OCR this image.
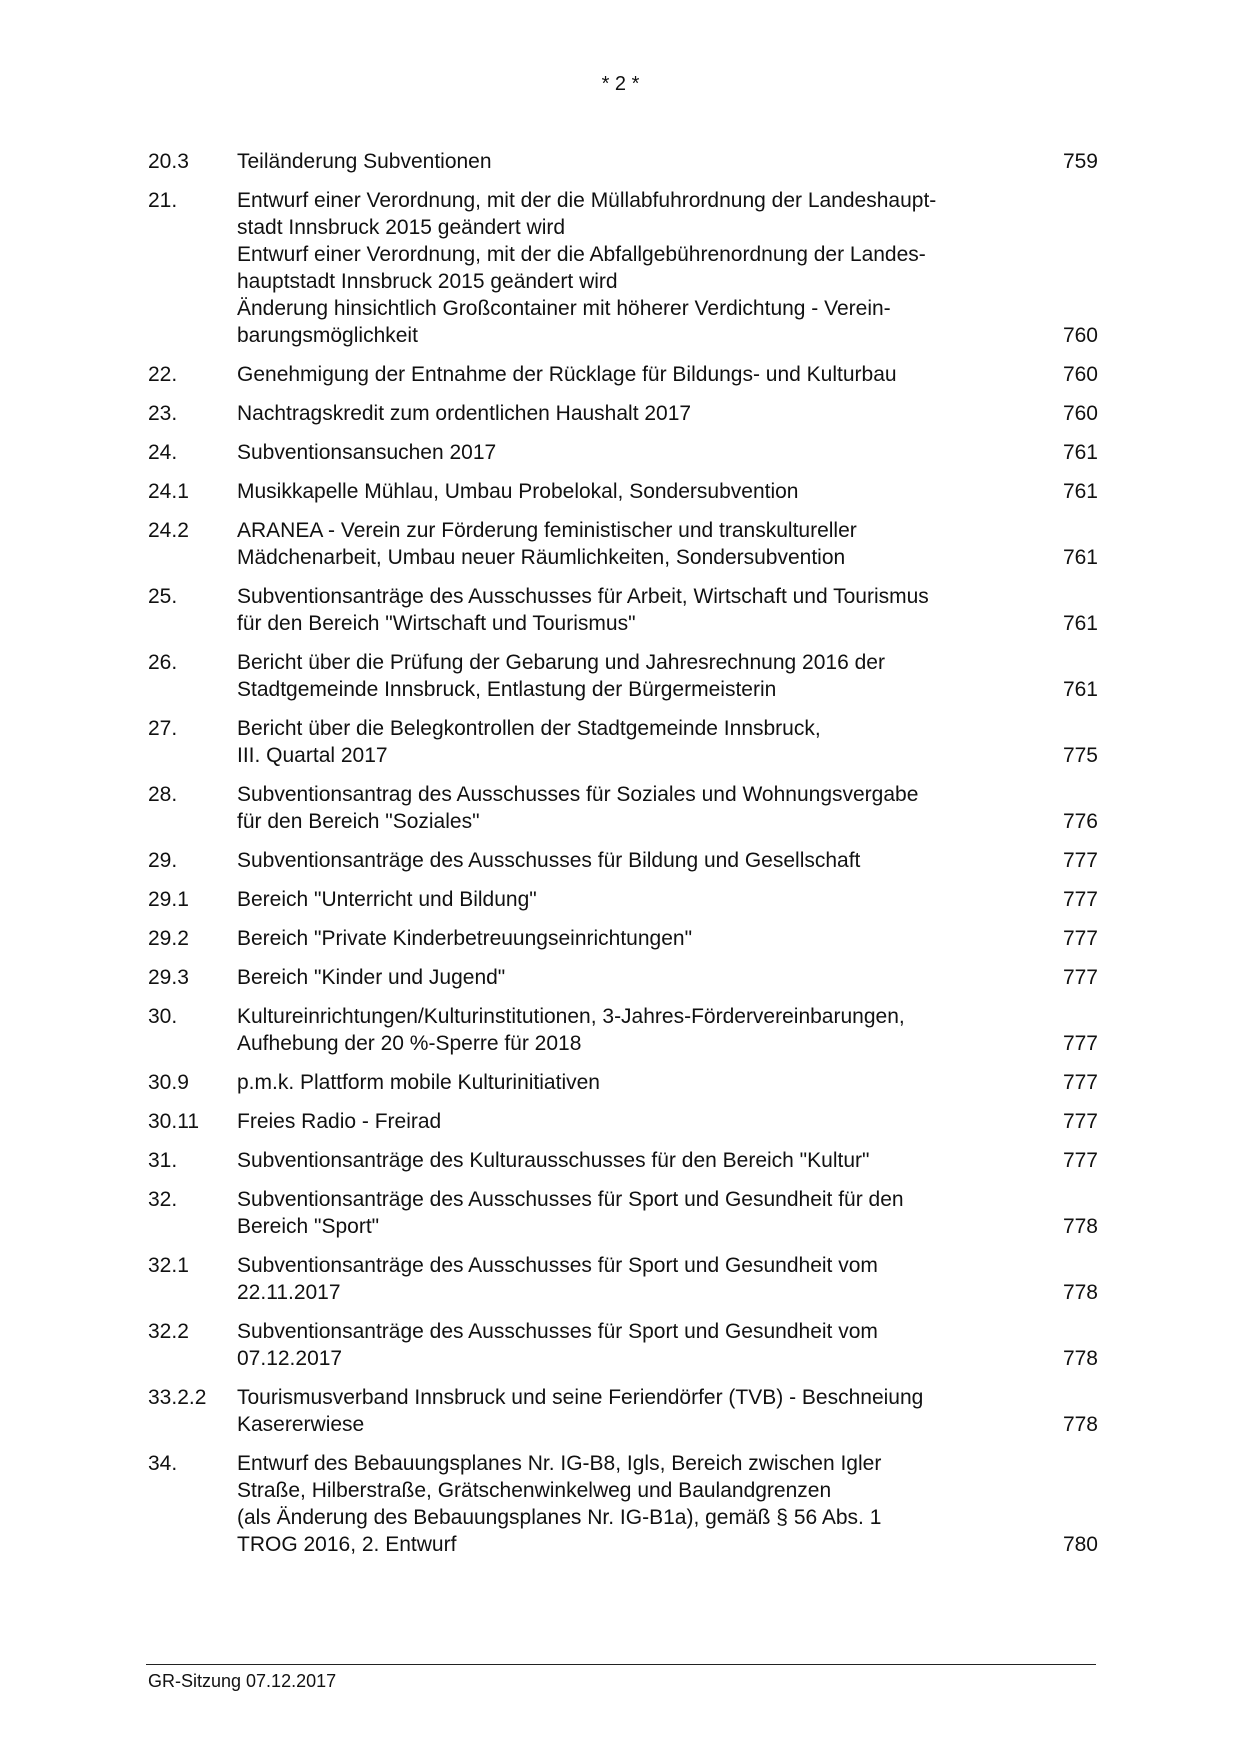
* 2 *
20.3	Teiländerung Subventionen	759
21.	Entwurf einer Verordnung, mit der die Müllabfuhrordnung der Landeshaupt-
stadt Innsbruck 2015 geändert wird
Entwurf einer Verordnung, mit der die Abfallgebührenordnung der Landes-
hauptstadt Innsbruck 2015 geändert wird
Änderung hinsichtlich Großcontainer mit höherer Verdichtung - Verein-
barungsmöglichkeit	760
22.	Genehmigung der Entnahme der Rücklage für Bildungs- und Kulturbau	760
23.	Nachtragskredit zum ordentlichen Haushalt 2017	760
24.	Subventionsansuchen 2017	761
24.1	Musikkapelle Mühlau, Umbau Probelokal, Sondersubvention	761
24.2	ARANEA - Verein zur Förderung feministischer und transkultureller
Mädchenarbeit, Umbau neuer Räumlichkeiten, Sondersubvention	761
25.	Subventionsanträge des Ausschusses für Arbeit, Wirtschaft und Tourismus
für den Bereich "Wirtschaft und Tourismus"	761
26.	Bericht über die Prüfung der Gebarung und Jahresrechnung 2016 der
Stadtgemeinde Innsbruck, Entlastung der Bürgermeisterin	761
27.	Bericht über die Belegkontrollen der Stadtgemeinde Innsbruck,
III. Quartal 2017	775
28.	Subventionsantrag des Ausschusses für Soziales und Wohnungsvergabe
für den Bereich "Soziales"	776
29.	Subventionsanträge des Ausschusses für Bildung und Gesellschaft	777
29.1	Bereich "Unterricht und Bildung"	777
29.2	Bereich "Private Kinderbetreuungseinrichtungen"	777
29.3	Bereich "Kinder und Jugend"	777
30.	Kultureinrichtungen/Kulturinstitutionen, 3-Jahres-Fördervereinbarungen,
Aufhebung der 20 %-Sperre für 2018	777
30.9	p.m.k. Plattform mobile Kulturinitiativen	777
30.11	Freies Radio - Freirad	777
31.	Subventionsanträge des Kulturausschusses für den Bereich "Kultur"	777
32.	Subventionsanträge des Ausschusses für Sport und Gesundheit für den
Bereich "Sport"	778
32.1	Subventionsanträge des Ausschusses für Sport und Gesundheit vom
22.11.2017	778
32.2	Subventionsanträge des Ausschusses für Sport und Gesundheit vom
07.12.2017	778
33.2.2	Tourismusverband Innsbruck und seine Feriendörfer (TVB) - Beschneiung
Kasererwiese	778
34.	Entwurf des Bebauungsplanes Nr. IG-B8, Igls, Bereich zwischen Igler
Straße, Hilberstraße, Grätschenwinkelweg und Baulandgrenzen
(als Änderung des Bebauungsplanes Nr. IG-B1a), gemäß § 56 Abs. 1
TROG 2016, 2. Entwurf	780
GR-Sitzung 07.12.2017
